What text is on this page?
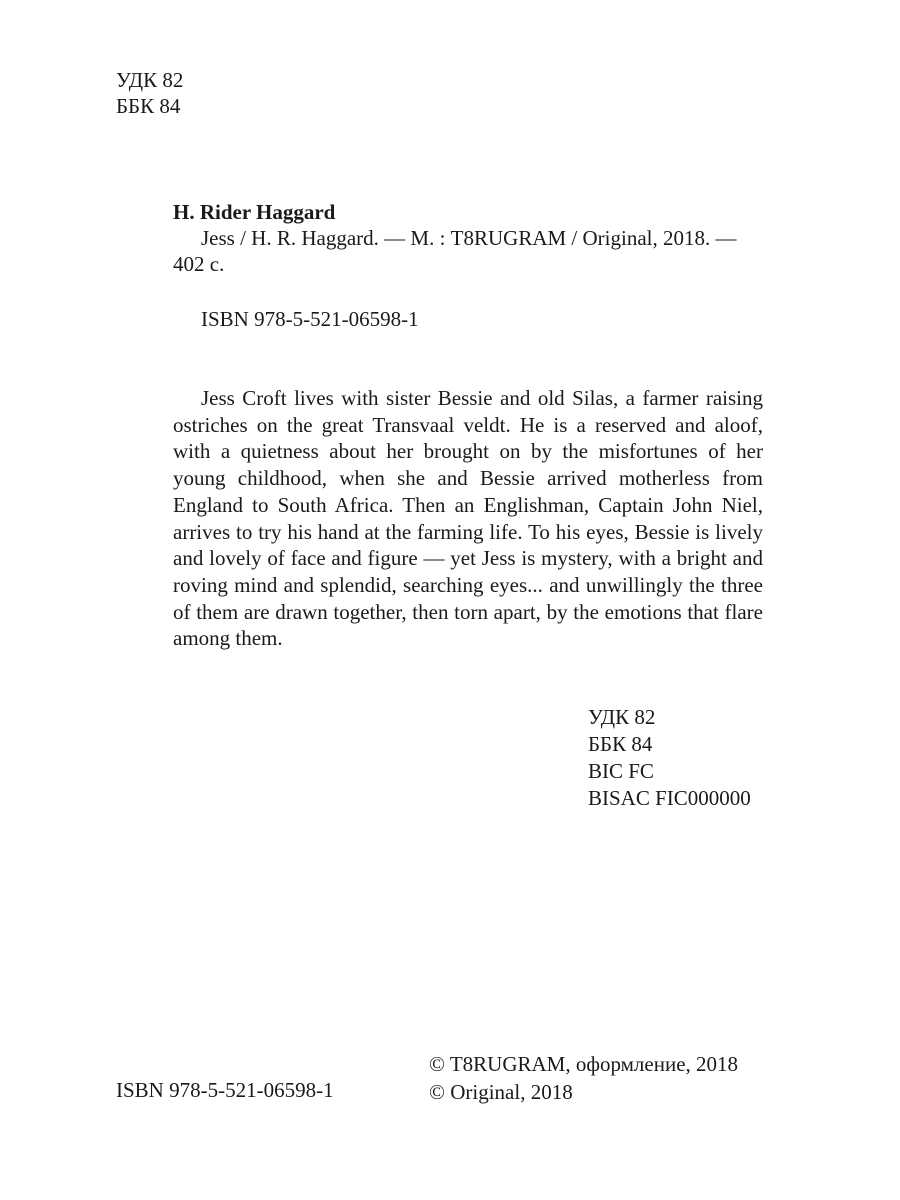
УДК 82
ББК 84
H. Rider Haggard
Jess / H. R. Haggard. — М. : T8RUGRAM / Original, 2018. —
402 с.
ISBN 978-5-521-06598-1

Jess Croft lives with sister Bessie and old Silas, a farmer raising ostriches on the great Transvaal veldt. He is a reserved and aloof, with a quietness about her brought on by the misfortunes of her young childhood, when she and Bessie arrived motherless from England to South Africa. Then an Englishman, Captain John Niel, arrives to try his hand at the farming life. To his eyes, Bessie is lively and lovely of face and figure — yet Jess is mystery, with a bright and roving mind and splendid, searching eyes... and unwillingly the three of them are drawn together, then torn apart, by the emotions that flare among them.

УДК 82
ББК 84
BIC FC
BISAC FIC000000
ISBN 978-5-521-06598-1
© T8RUGRAM, оформление, 2018
© Original, 2018
